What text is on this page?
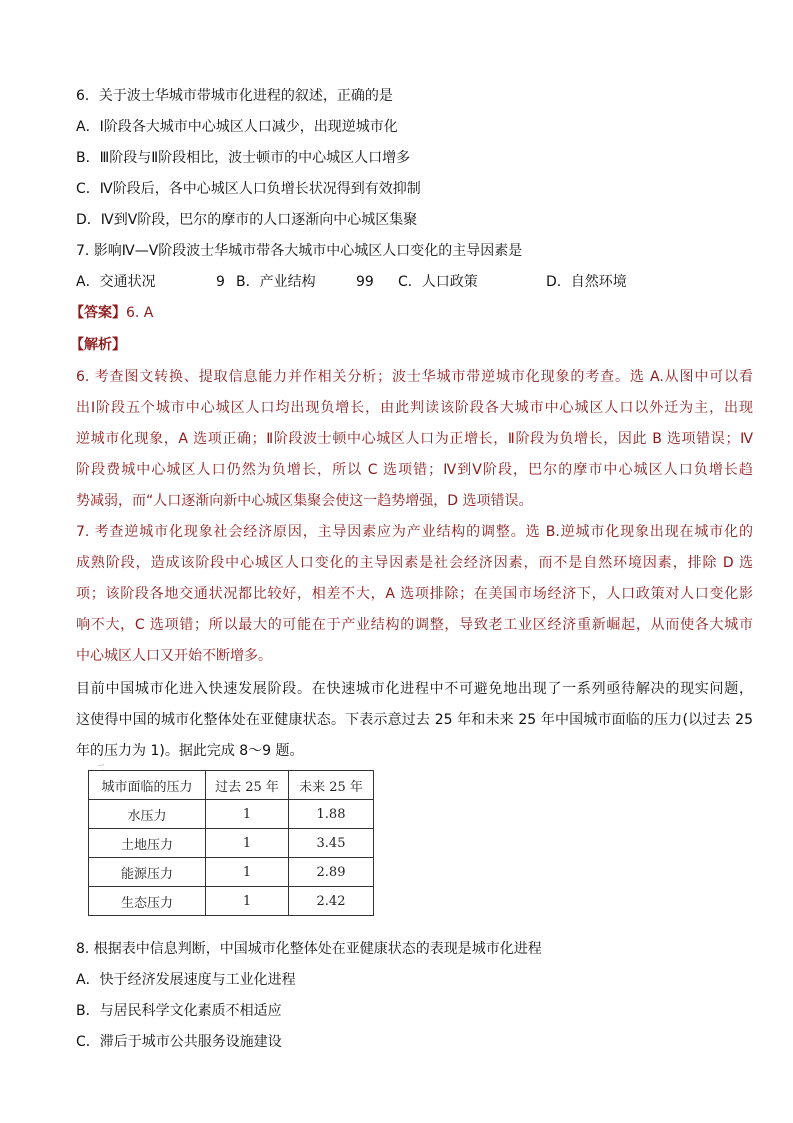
6．关于波士华城市带城市化进程的叙述，正确的是
A．Ⅰ阶段各大城市中心城区人口减少，出现逆城市化
B．Ⅲ阶段与Ⅱ阶段相比，波士顿市的中心城区人口增多
C．Ⅳ阶段后，各中心城区人口负增长状况得到有效抑制
D．Ⅳ到Ⅴ阶段，巴尔的摩市的人口逐渐向中心城区集聚
7. 影响Ⅳ—Ⅴ阶段波士华城市带各大城市中心城区人口变化的主导因素是
A．交通状况	9 B．产业结构	99 C．人口政策	D．自然环境
【答案】6. A
【解析】
6. 考查图文转换、提取信息能力并作相关分析；波士华城市带逆城市化现象的考查。选 A.从图中可以看
出Ⅰ阶段五个城市中心城区人口均出现负增长，由此判读该阶段各大城市中心城区人口以外迁为主，出现
逆城市化现象，A 选项正确；Ⅱ阶段波士顿中心城区人口为正增长，Ⅱ阶段为负增长，因此 B 选项错误；Ⅳ
阶段费城中心城区人口仍然为负增长，所以 C 选项错；Ⅳ到Ⅴ阶段，巴尔的摩市中心城区人口负增长趋
势减弱，而“人口逐渐向新中心城区集聚会使这一趋势增强，D 选项错误。
7. 考查逆城市化现象社会经济原因，主导因素应为产业结构的调整。选 B.逆城市化现象出现在城市化的
成熟阶段，造成该阶段中心城区人口变化的主导因素是社会经济因素，而不是自然环境因素，排除 D 选
项；该阶段各地交通状况都比较好，相差不大，A 选项排除；在美国市场经济下，人口政策对人口变化影
响不大，C 选项错；所以最大的可能在于产业结构的调整，导致老工业区经济重新崛起，从而使各大城市
中心城区人口又开始不断增多。
目前中国城市化进入快速发展阶段。在快速城市化进程中不可避免地出现了一系列亟待解决的现实问题，
这使得中国的城市化整体处在亚健康状态。下表示意过去 25 年和未来 25 年中国城市面临的压力(以过去 25
年的压力为 1)。据此完成 8～9 题。
二
城市面临的压力	过去 25 年	未来 25 年
水压力	1	1.88
土地压力	1	3.45
能源压力	1	2.89
生态压力	1	2.42
8. 根据表中信息判断，中国城市化整体处在亚健康状态的表现是城市化进程
A．快于经济发展速度与工业化进程
B．与居民科学文化素质不相适应
C．滞后于城市公共服务设施建设
